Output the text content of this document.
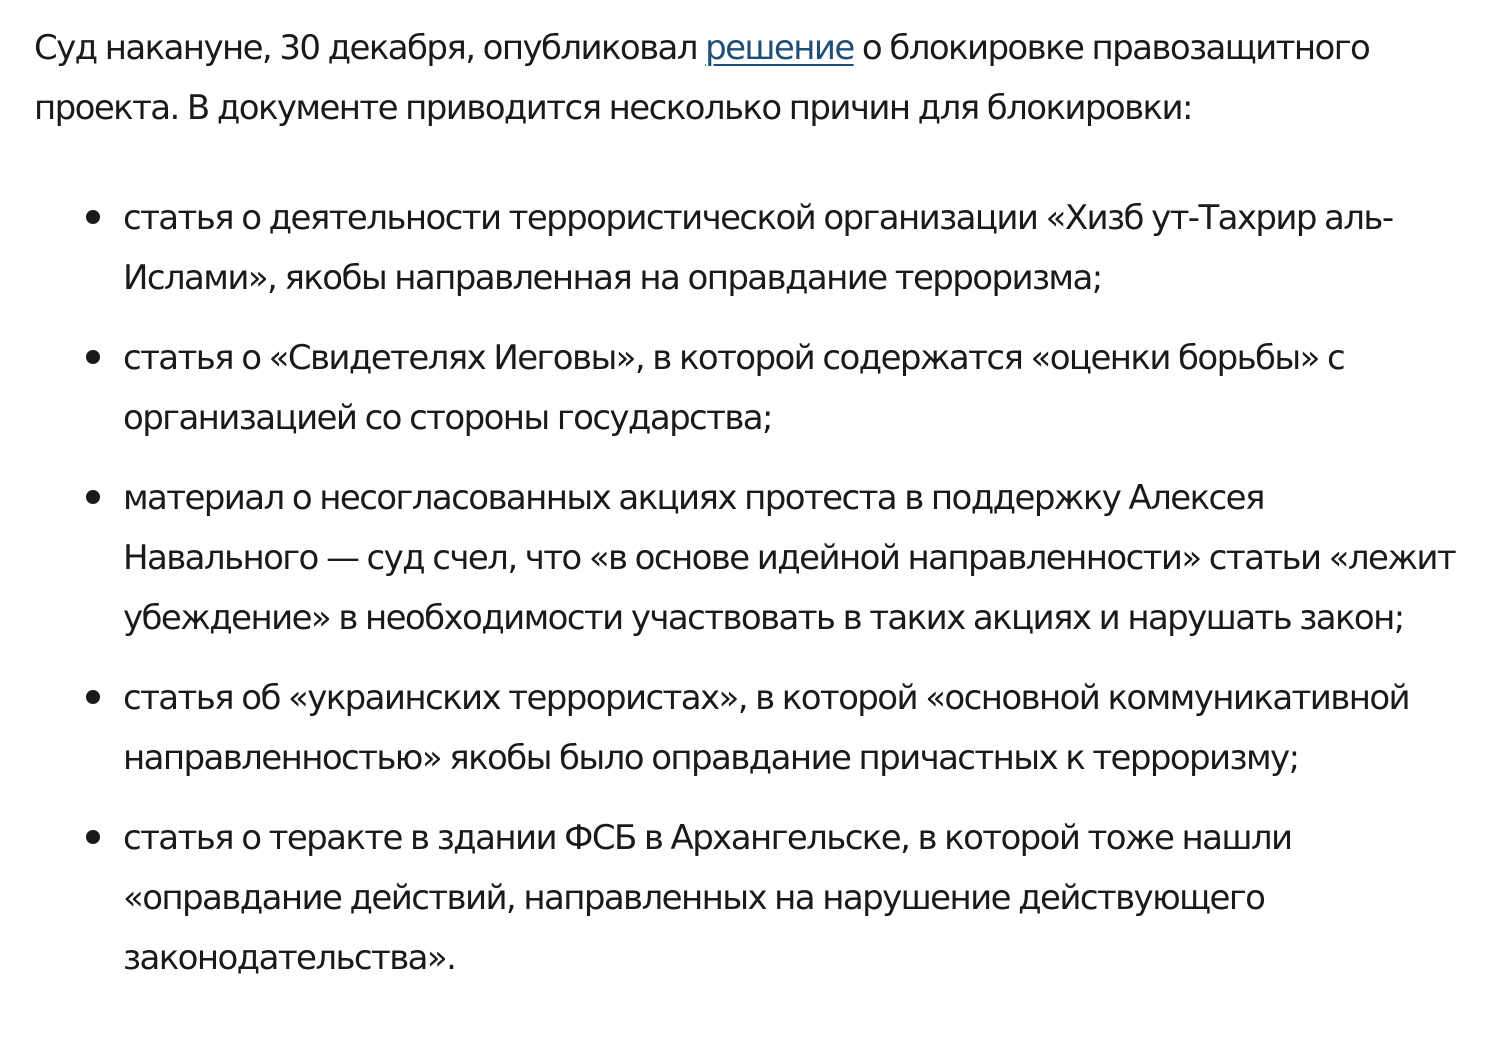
Суд накануне, 30 декабря, опубликовал решение о блокировке правозащитного проекта. В документе приводится несколько причин для блокировки:

статья о деятельности террористической организации «Хизб ут-Тахрир аль-Ислами», якобы направленная на оправдание терроризма;
статья о «Свидетелях Иеговы», в которой содержатся «оценки борьбы» с организацией со стороны государства;
материал о несогласованных акциях протеста в поддержку Алексея Навального — суд счел, что «в основе идейной направленности» статьи «лежит убеждение» в необходимости участвовать в таких акциях и нарушать закон;
статья об «украинских террористах», в которой «основной коммуникативной направленностью» якобы было оправдание причастных к терроризму;
статья о теракте в здании ФСБ в Архангельске, в которой тоже нашли «оправдание действий, направленных на нарушение действующего законодательства».
